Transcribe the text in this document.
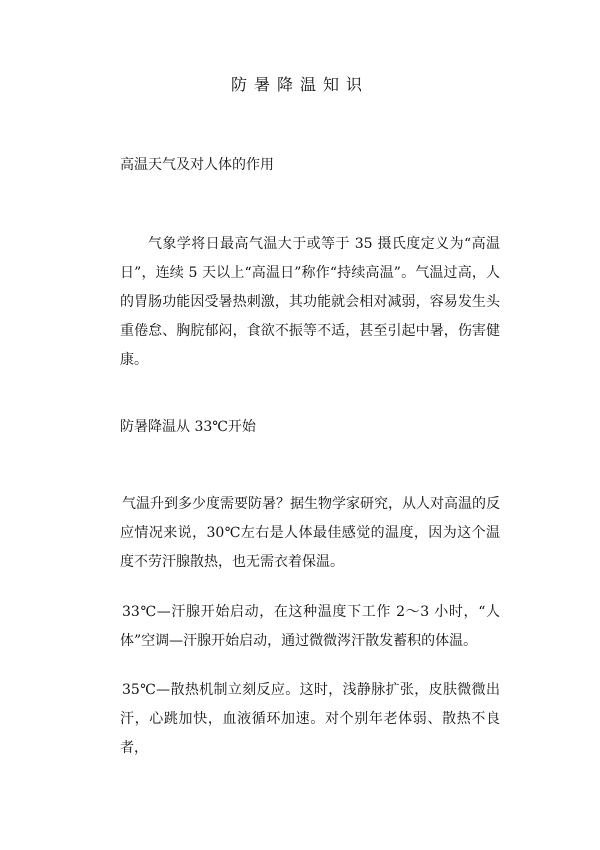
防暑降温知识
高温天气及对人体的作用

气象学将日最高气温大于或等于 35 摄氏度定义为“高温日”，连续 5 天以上“高温日”称作“持续高温”。气温过高，人的胃肠功能因受暑热刺激，其功能就会相对减弱，容易发生头重倦怠、胸脘郁闷，食欲不振等不适，甚至引起中暑，伤害健康。

防暑降温从 33℃开始

气温升到多少度需要防暑？据生物学家研究，从人对高温的反应情况来说，30℃左右是人体最佳感觉的温度，因为这个温度不劳汗腺散热，也无需衣着保温。

33℃—汗腺开始启动，在这种温度下工作 2～3 小时，“人体”空调—汗腺开始启动，通过微微涔汗散发蓄积的体温。

35℃—散热机制立刻反应。这时，浅静脉扩张，皮肤微微出汗，心跳加快，血液循环加速。对个别年老体弱、散热不良者，
